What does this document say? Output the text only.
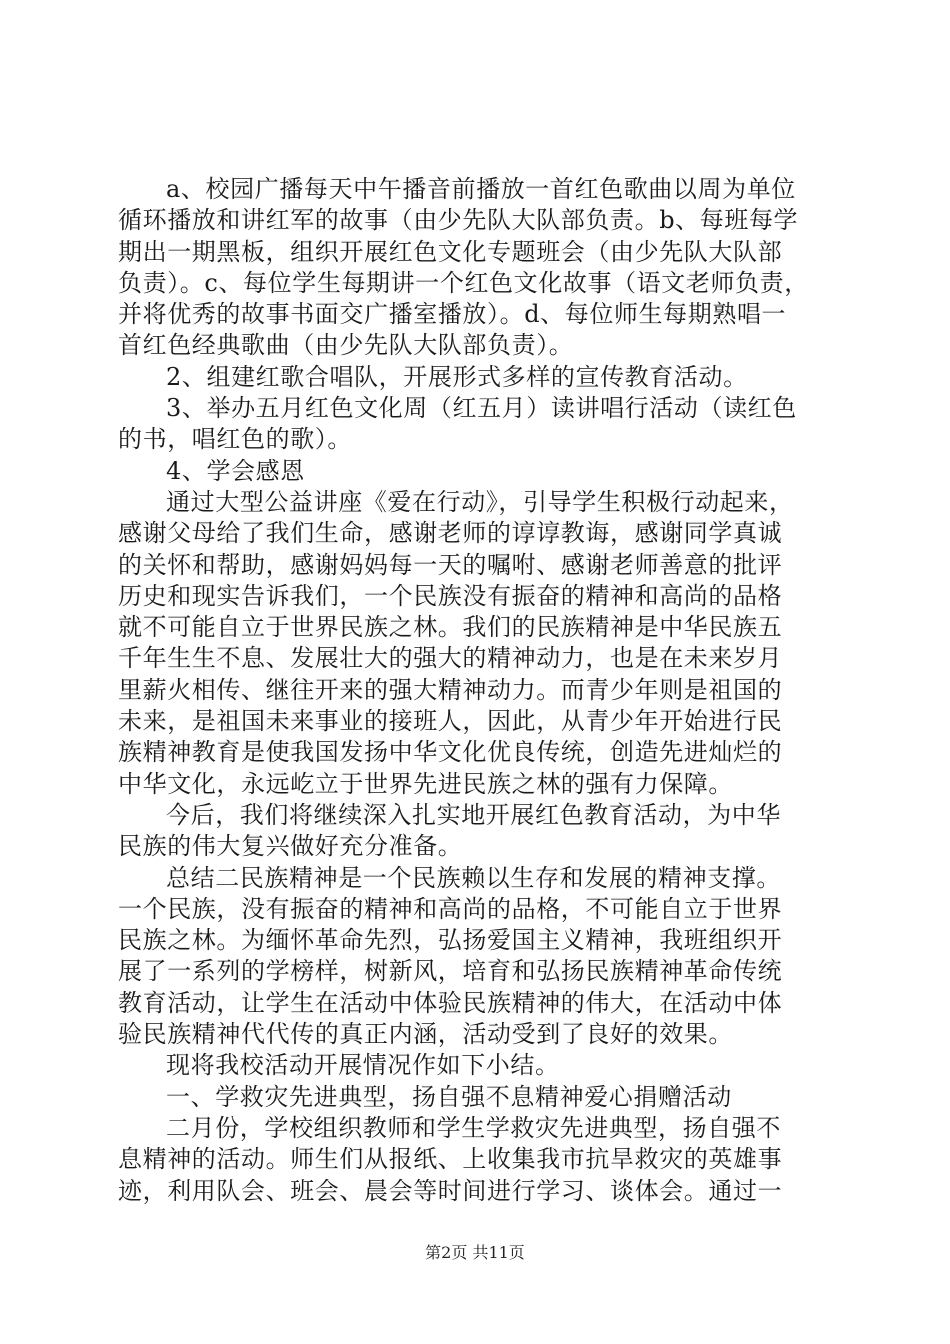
a、校园广播每天中午播音前播放一首红色歌曲以周为单位
循环播放和讲红军的故事（由少先队大队部负责。b、每班每学
期出一期黑板，组织开展红色文化专题班会（由少先队大队部
负责）。c、每位学生每期讲一个红色文化故事（语文老师负责，
并将优秀的故事书面交广播室播放）。d、每位师生每期熟唱一
首红色经典歌曲（由少先队大队部负责）。
2、组建红歌合唱队，开展形式多样的宣传教育活动。
3、举办五月红色文化周（红五月）读讲唱行活动（读红色
的书，唱红色的歌）。
4、学会感恩
通过大型公益讲座《爱在行动》，引导学生积极行动起来，
感谢父母给了我们生命，感谢老师的谆谆教诲，感谢同学真诚
的关怀和帮助，感谢妈妈每一天的嘱咐、感谢老师善意的批评
历史和现实告诉我们，一个民族没有振奋的精神和高尚的品格
就不可能自立于世界民族之林。我们的民族精神是中华民族五
千年生生不息、发展壮大的强大的精神动力，也是在未来岁月
里薪火相传、继往开来的强大精神动力。而青少年则是祖国的
未来，是祖国未来事业的接班人，因此，从青少年开始进行民
族精神教育是使我国发扬中华文化优良传统，创造先进灿烂的
中华文化，永远屹立于世界先进民族之林的强有力保障。
今后，我们将继续深入扎实地开展红色教育活动，为中华
民族的伟大复兴做好充分准备。
总结二民族精神是一个民族赖以生存和发展的精神支撑。
一个民族，没有振奋的精神和高尚的品格，不可能自立于世界
民族之林。为缅怀革命先烈，弘扬爱国主义精神，我班组织开
展了一系列的学榜样，树新风，培育和弘扬民族精神革命传统
教育活动，让学生在活动中体验民族精神的伟大，在活动中体
验民族精神代代传的真正内涵，活动受到了良好的效果。
现将我校活动开展情况作如下小结。
一、学救灾先进典型，扬自强不息精神爱心捐赠活动
二月份，学校组织教师和学生学救灾先进典型，扬自强不
息精神的活动。师生们从报纸、上收集我市抗旱救灾的英雄事
迹，利用队会、班会、晨会等时间进行学习、谈体会。通过一
第2页 共11页
